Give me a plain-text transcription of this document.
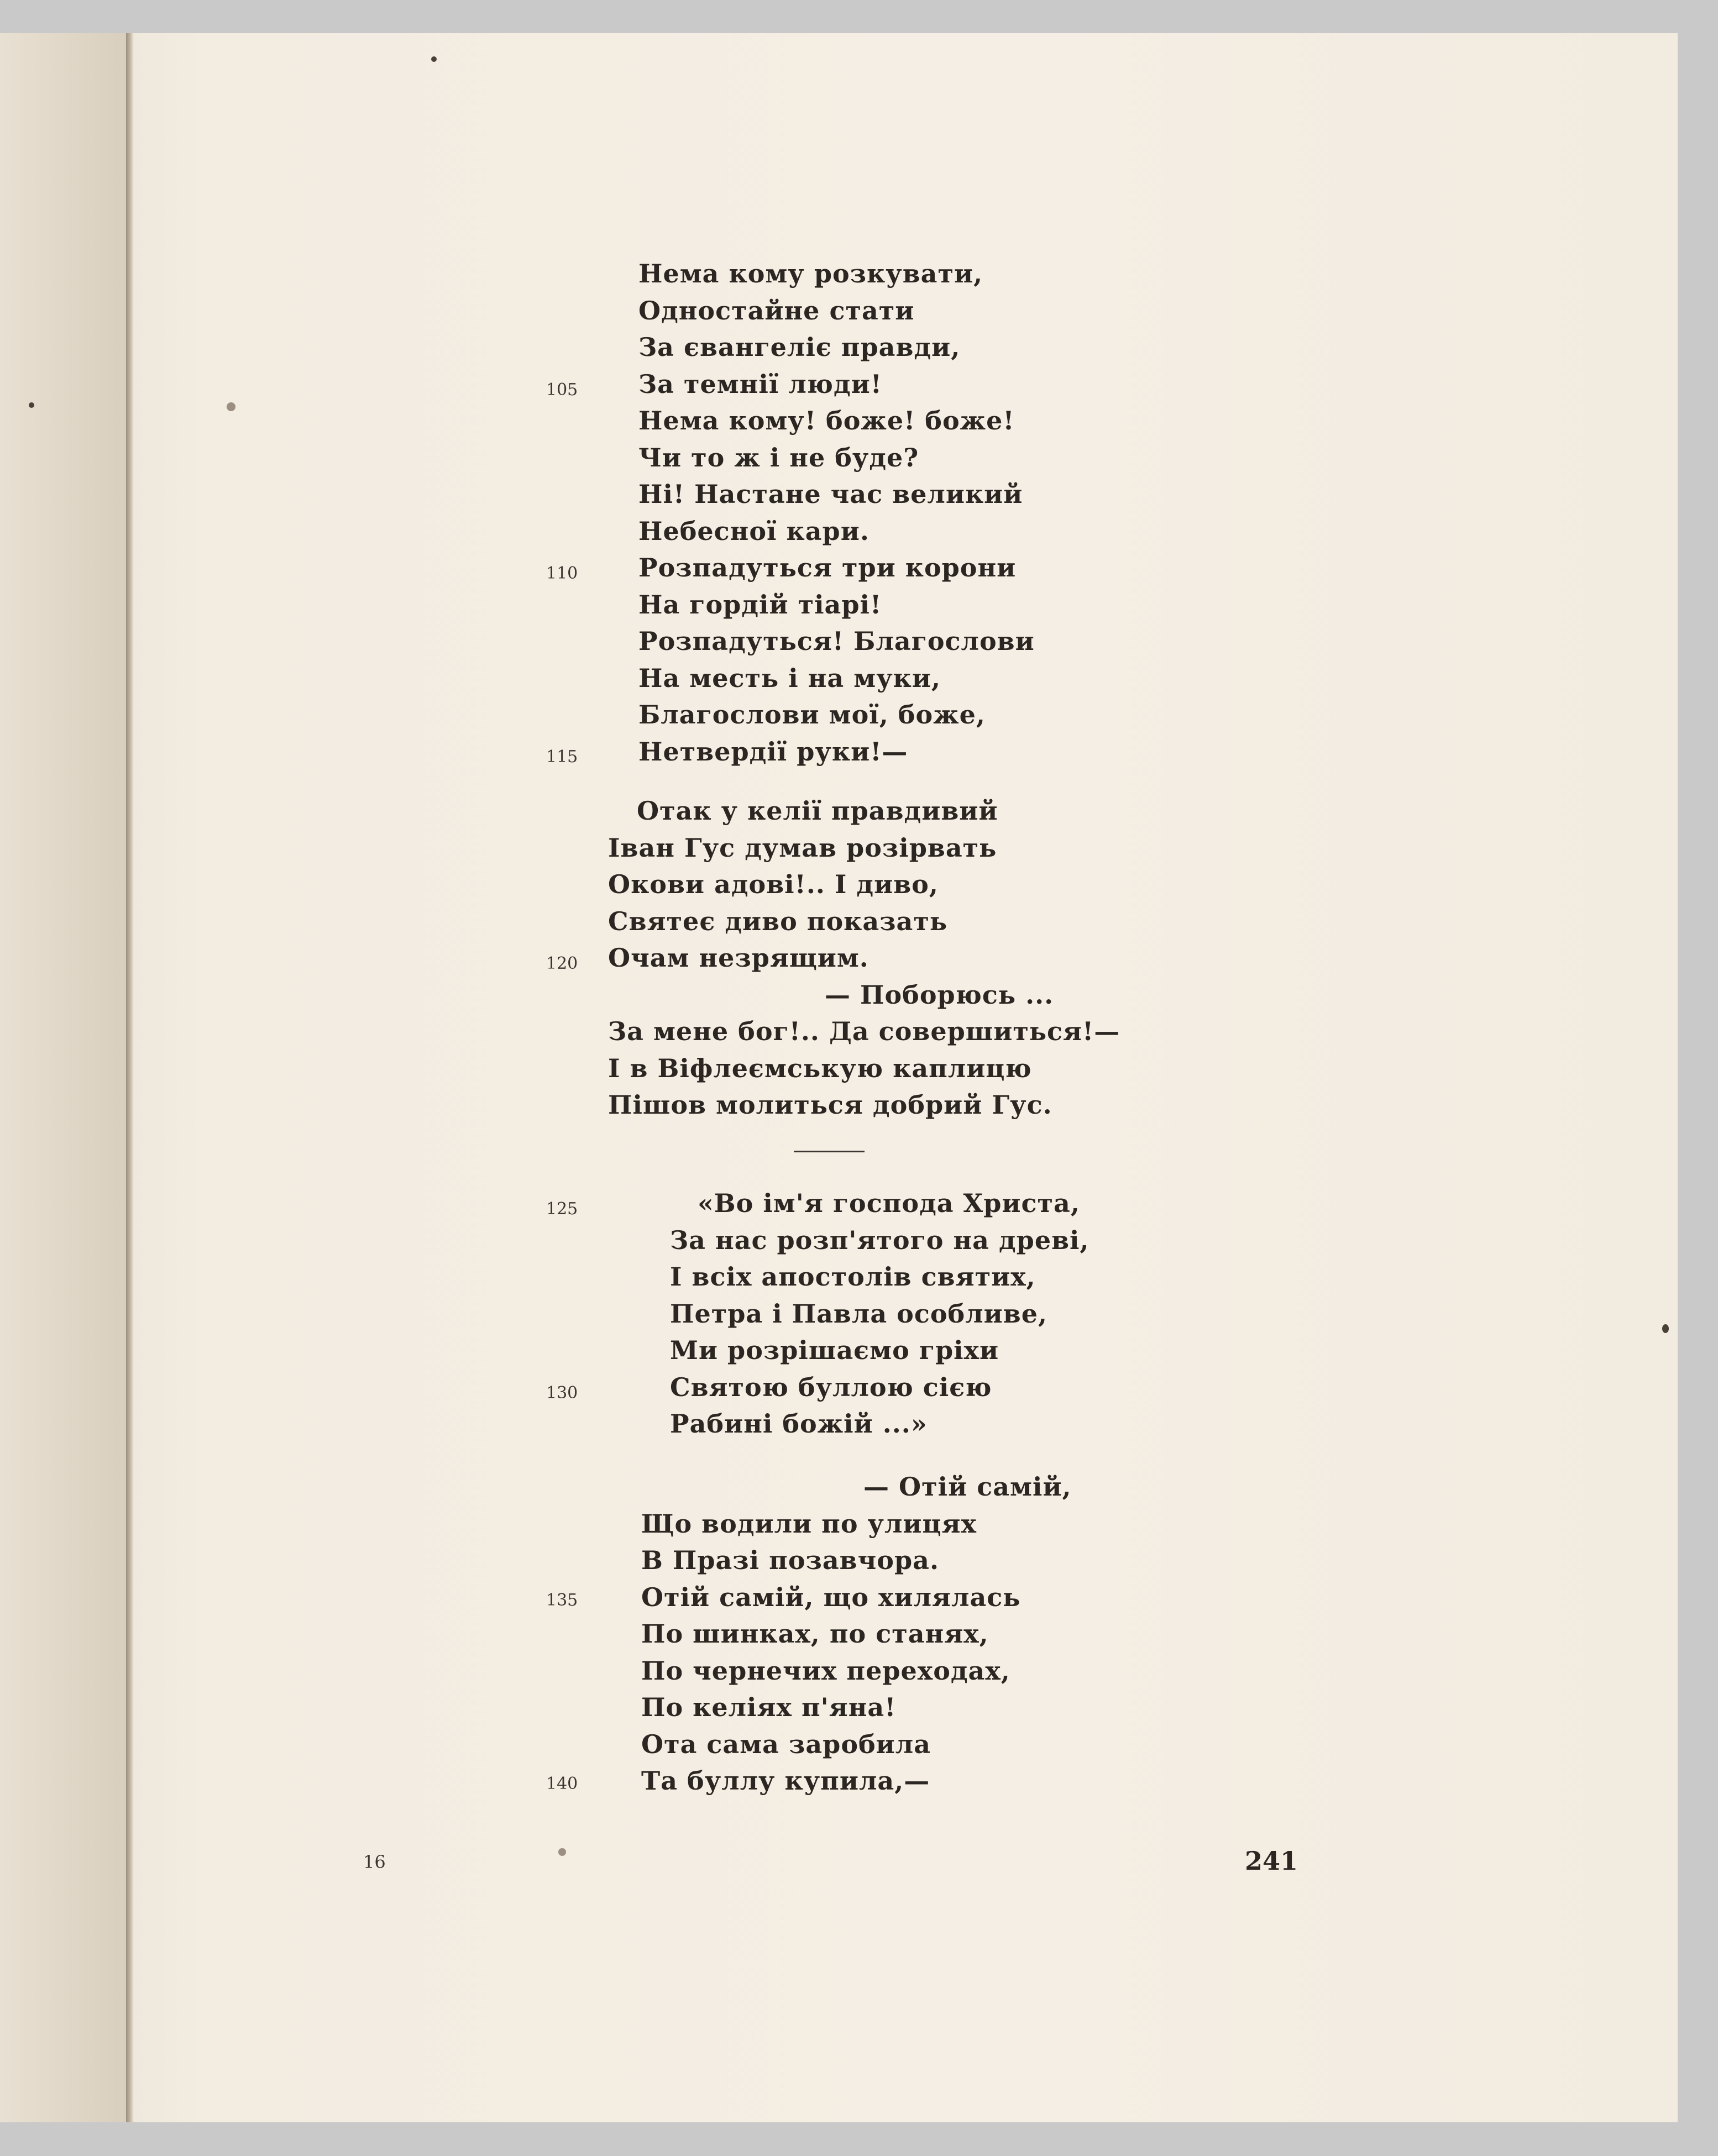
105
110
115
120
125
130
135
140
Нема кому розкувати,
Одностайне стати
За євангеліє правди,
За темнії люди!
Нема кому! боже! боже!
Чи то ж і не буде?
Ні! Настане час великий
Небесної кари.
Розпадуться три корони
На гордій тіарі!
Розпадуться! Благослови
На месть і на муки,
Благослови мої, боже,
Нетвердії руки!—
Отак у келії правдивий
Іван Гус думав розірвать
Окови адові!.. І диво,
Святеє диво показать
Очам незрящим.
— Поборюсь ...
За мене бог!.. Да совершиться!—
І в Віфлеємськую каплицю
Пішов молиться добрий Гус.
«Во ім'я господа Христа,
За нас розп'ятого на древі,
І всіх апостолів святих,
Петра і Павла особливе,
Ми розрішаємо гріхи
Святою буллою сією
Рабині божій ...»
— Отій самій,
Що водили по улицях
В Празі позавчора.
Отій самій, що хилялась
По шинках, по станях,
По чернечих переходах,
По келіях п'яна!
Ота сама заробила
Та буллу купила,—
16	241
